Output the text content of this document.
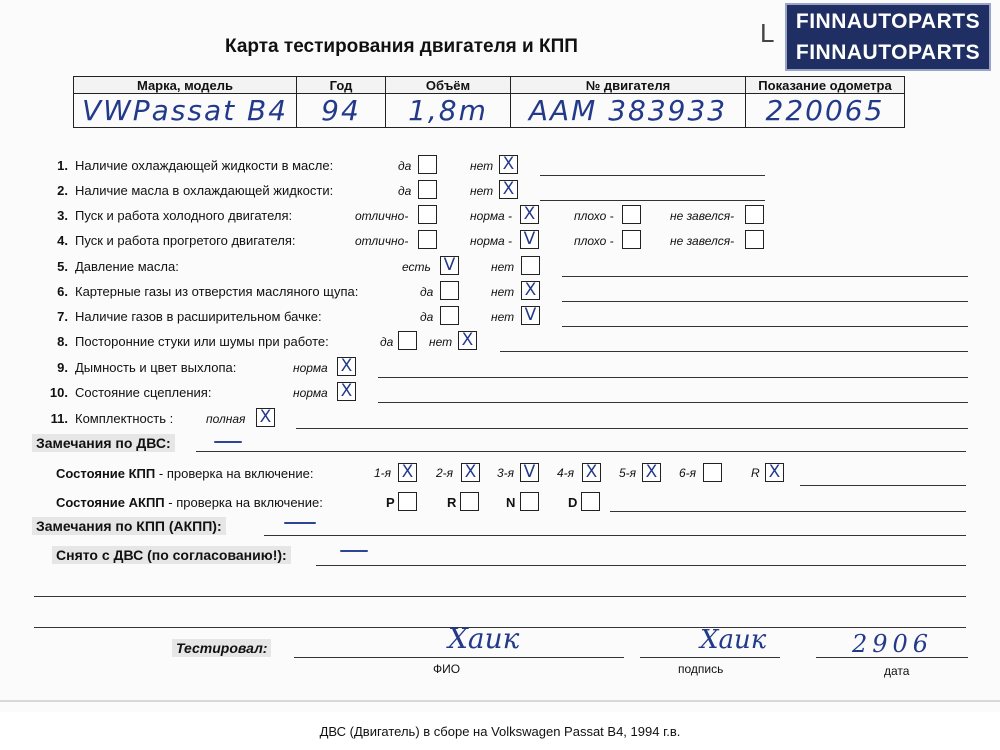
Карта тестирования двигателя и КПП	L	FINNAUTOPARTS
FINNAUTOPARTS
Марка, модель	Год	Объём	№ двигателя	Показание одометра
VWPassat B4	94	1,8m	AAM 383933	220065
1. Наличие охлаждающей жидкости в масле:	да	нет X
2. Наличие масла в охлаждающей жидкости:	да	нет X
3. Пуск и работа холодного двигателя:	отлично-	норма - X	плохо -	не завелся-
4. Пуск и работа прогретого двигателя:	отлично-	норма - V	плохо -	не завелся-
5. Давление масла:	есть V	нет
6. Картерные газы из отверстия масляного щупа:	да	нет X
7. Наличие газов в расширительном бачке:	да	нет V
8. Посторонние стуки или шумы при работе:	да	нет X
9. Дымность и цвет выхлопа:	норма X
10. Состояние сцепления:	норма X
11. Комплектность :	полная X
Замечания по ДВС:
Состояние КПП - проверка на включение:	1-я X	2-я X	3-я V	4-я X	5-я X	6-я	R X
Состояние АКПП - проверка на включение:	P	R	N	D
Замечания по КПП (АКПП):
Снято с ДВС (по согласованию!):
Тестировал:	Хаик	Хаик	2906
ФИО	подпись	дата
ДВС (Двигатель) в сборе на Volkswagen Passat B4, 1994 г.в.
